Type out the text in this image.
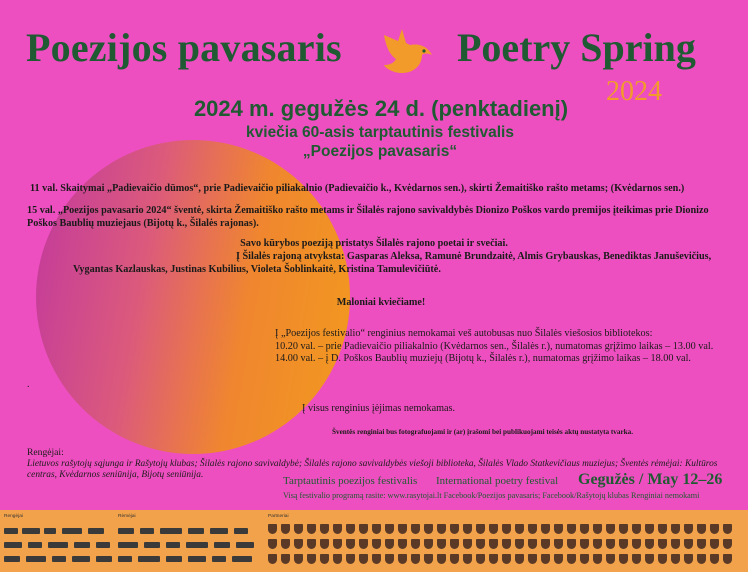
Poezijos pavasaris	Poetry Spring
2024
2024 m. gegužės 24 d. (penktadienį)
kviečia 60-asis tarptautinis festivalis
„Poezijos pavasaris“
11 val. Skaitymai „Padievaičio dūmos“, prie Padievaičio piliakalnio (Padievaičio k., Kvėdarnos sen.), skirti Žemaitiško rašto metams; (Kvėdarnos sen.)
15 val. „Poezijos pavasario 2024“ šventė, skirta Žemaitiško rašto metams ir Šilalės rajono savivaldybės Dionizo Poškos vardo premijos įteikimas prie Dionizo
Poškos Baublių muziejaus (Bijotų k., Šilalės rajonas).
Savo kūrybos poeziją pristatys Šilalės rajono poetai ir svečiai.
Į Šilalės rajoną atvyksta: Gasparas Aleksa, Ramunė Brundzaitė, Almis Grybauskas, Benediktas Januševičius,
Vygantas Kazlauskas, Justinas Kubilius, Violeta Šoblinkaitė, Kristina Tamulevičiūtė.
Maloniai kviečiame!
Į „Poezijos festivalio“ renginius nemokamai veš autobusas nuo Šilalės viešosios bibliotekos:
10.20 val. – prie Padievaičio piliakalnio (Kvėdarnos sen., Šilalės r.), numatomas grįžimo laikas – 13.00 val.
14.00 val. – į D. Poškos Baublių muziejų (Bijotų k., Šilalės r.), numatomas grįžimo laikas – 18.00 val.
.
Į visus renginius įėjimas nemokamas.
Šventės renginiai bus fotografuojami ir (ar) įrašomi bei publikuojami teisės aktų nustatyta tvarka.
Rengėjai:
Lietuvos rašytojų sąjunga ir Rašytojų klubas; Šilalės rajono savivaldybė; Šilalės rajono savivaldybės viešoji biblioteka, Šilalės Vlado Statkevičiaus muziejus; Šventės rėmėjai: Kultūros
centras, Kvėdarnos seniūnija, Bijotų seniūnija.	Tarptautinis poezijos festivalis International poetry festival Gegužės / May 12–26
Visą festivalio programą rasite: www.rasytojai.lt Facebook/Poezijos pavasaris; Facebook/Rašytojų klubas Renginiai nemokami
Rengėjai	Rėmėjai	Partneriai
